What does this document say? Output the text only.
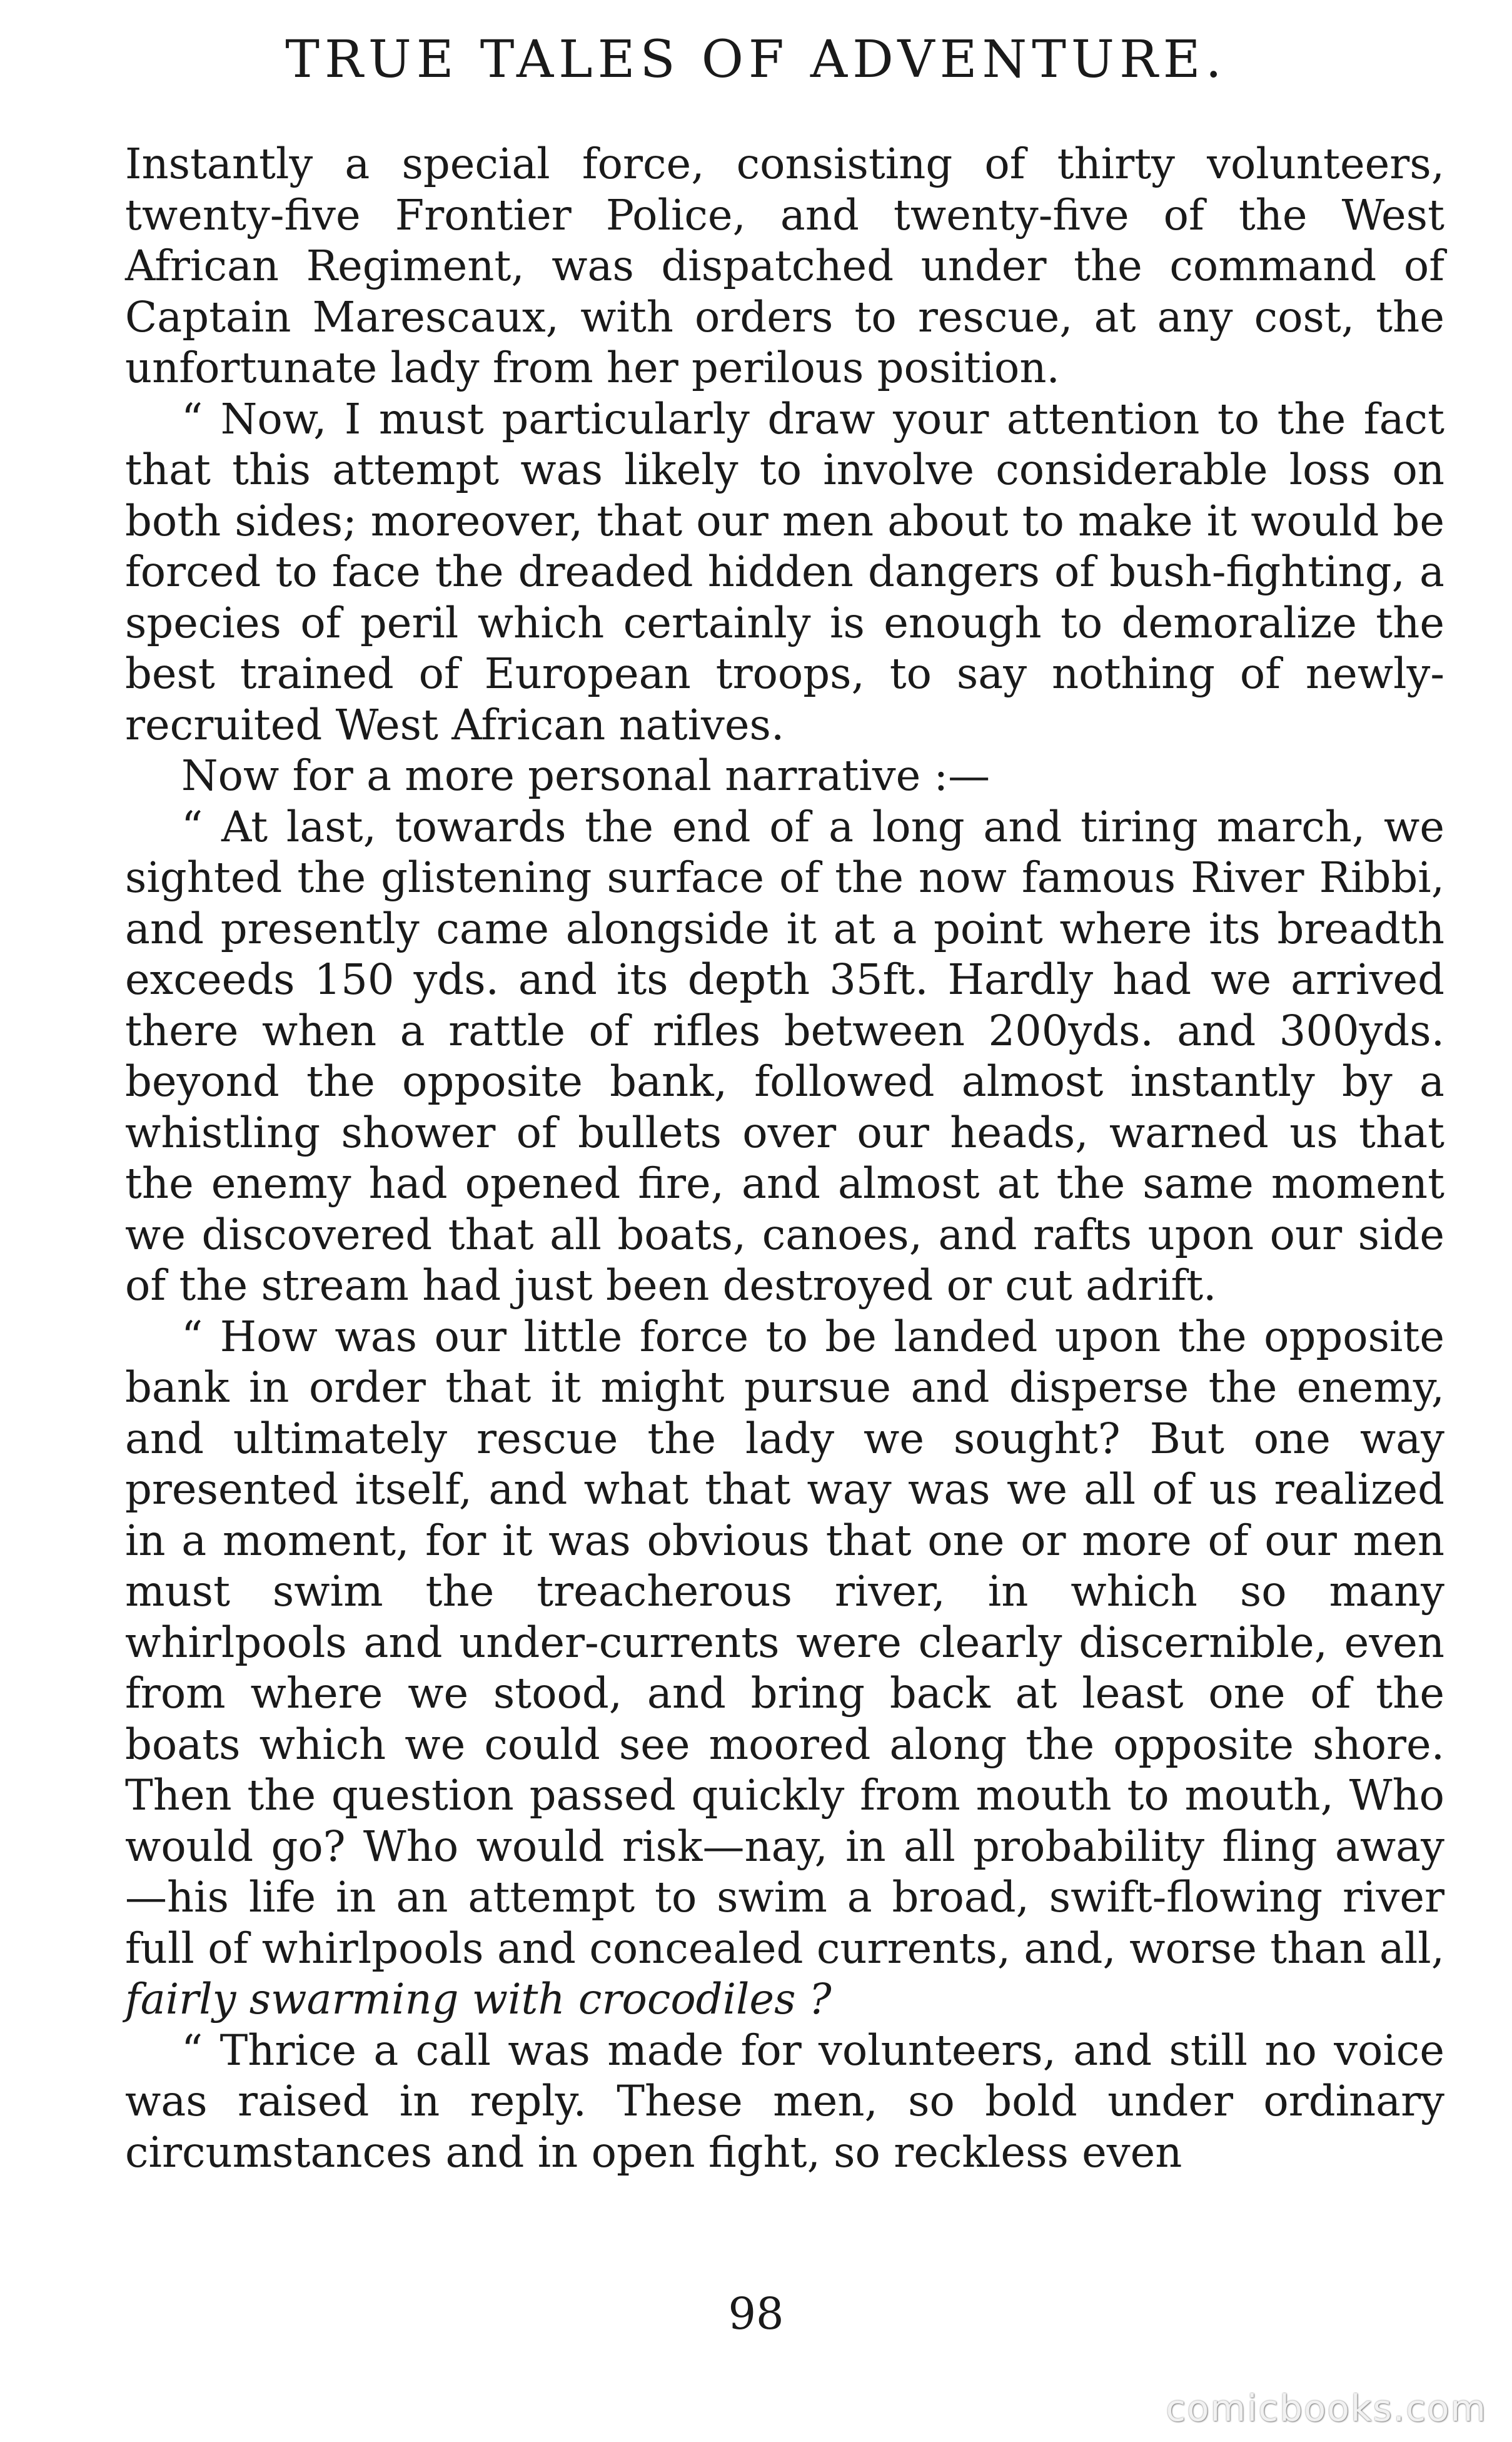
TRUE TALES OF ADVENTURE.

Instantly a special force, consisting of thirty volunteers, twenty-five Frontier Police, and twenty-five of the West African Regiment, was dispatched under the command of Captain Marescaux, with orders to rescue, at any cost, the unfortunate lady from her perilous position.

“ Now, I must particularly draw your attention to the fact that this attempt was likely to involve considerable loss on both sides; moreover, that our men about to make it would be forced to face the dreaded hidden dangers of bush-fighting, a species of peril which certainly is enough to demoralize the best trained of European troops, to say nothing of newly-recruited West African natives.

Now for a more personal narrative :—

“ At last, towards the end of a long and tiring march, we sighted the glistening surface of the now famous River Ribbi, and presently came alongside it at a point where its breadth exceeds 150 yds. and its depth 35ft. Hardly had we arrived there when a rattle of rifles between 200yds. and 300yds. beyond the opposite bank, followed almost instantly by a whistling shower of bullets over our heads, warned us that the enemy had opened fire, and almost at the same moment we discovered that all boats, canoes, and rafts upon our side of the stream had just been destroyed or cut adrift.

“ How was our little force to be landed upon the opposite bank in order that it might pursue and disperse the enemy, and ultimately rescue the lady we sought? But one way presented itself, and what that way was we all of us realized in a moment, for it was obvious that one or more of our men must swim the treacherous river, in which so many whirlpools and under-currents were clearly discernible, even from where we stood, and bring back at least one of the boats which we could see moored along the opposite shore. Then the question passed quickly from mouth to mouth, Who would go? Who would risk—nay, in all probability fling away—his life in an attempt to swim a broad, swift-flowing river full of whirlpools and concealed currents, and, worse than all, fairly swarming with crocodiles ?

“ Thrice a call was made for volunteers, and still no voice was raised in reply. These men, so bold under ordinary circumstances and in open fight, so reckless even

98
comicbooks.com
